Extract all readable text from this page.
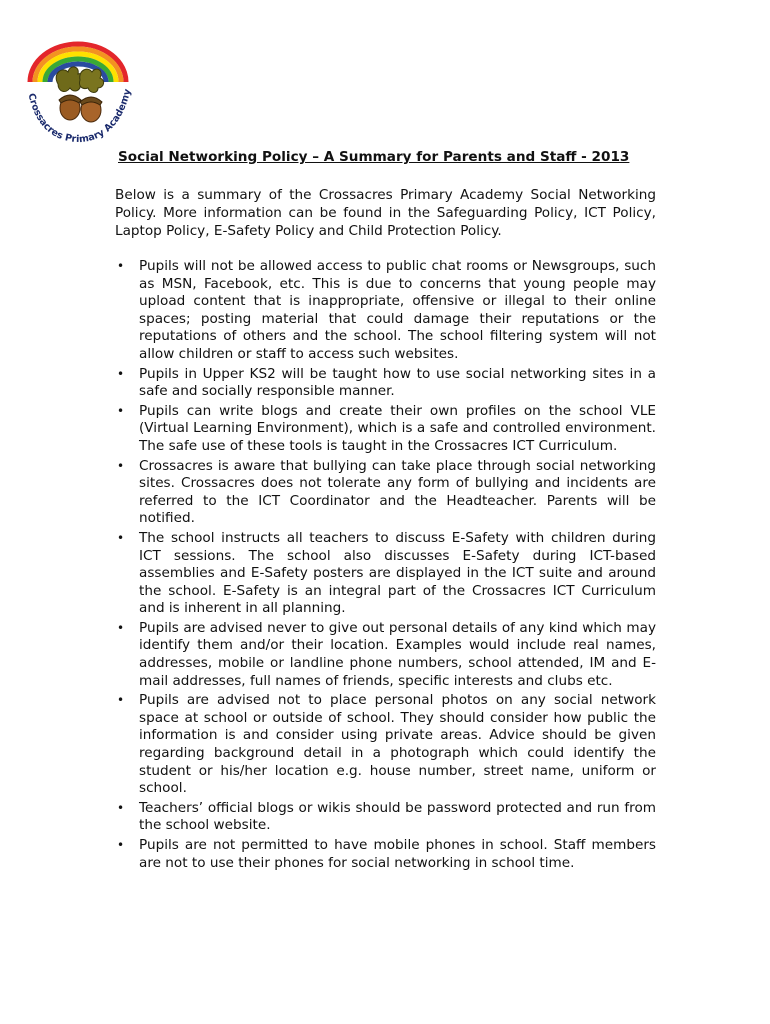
Crossacres Primary Academy

Social Networking Policy – A Summary for Parents and Staff - 2013

Below is a summary of the Crossacres Primary Academy Social Networking Policy. More information can be found in the Safeguarding Policy, ICT Policy, Laptop Policy, E-Safety Policy and Child Protection Policy.

• Pupils will not be allowed access to public chat rooms or Newsgroups, such as MSN, Facebook, etc. This is due to concerns that young people may upload content that is inappropriate, offensive or illegal to their online spaces; posting material that could damage their reputations or the reputations of others and the school. The school filtering system will not allow children or staff to access such websites.
• Pupils in Upper KS2 will be taught how to use social networking sites in a safe and socially responsible manner.
• Pupils can write blogs and create their own profiles on the school VLE (Virtual Learning Environment), which is a safe and controlled environment. The safe use of these tools is taught in the Crossacres ICT Curriculum.
• Crossacres is aware that bullying can take place through social networking sites. Crossacres does not tolerate any form of bullying and incidents are referred to the ICT Coordinator and the Headteacher. Parents will be notified.
• The school instructs all teachers to discuss E-Safety with children during ICT sessions. The school also discusses E-Safety during ICT-based assemblies and E-Safety posters are displayed in the ICT suite and around the school. E-Safety is an integral part of the Crossacres ICT Curriculum and is inherent in all planning.
• Pupils are advised never to give out personal details of any kind which may identify them and/or their location. Examples would include real names, addresses, mobile or landline phone numbers, school attended, IM and E-mail addresses, full names of friends, specific interests and clubs etc.
• Pupils are advised not to place personal photos on any social network space at school or outside of school. They should consider how public the information is and consider using private areas. Advice should be given regarding background detail in a photograph which could identify the student or his/her location e.g. house number, street name, uniform or school.
• Teachers’ official blogs or wikis should be password protected and run from the school website.
• Pupils are not permitted to have mobile phones in school. Staff members are not to use their phones for social networking in school time.
